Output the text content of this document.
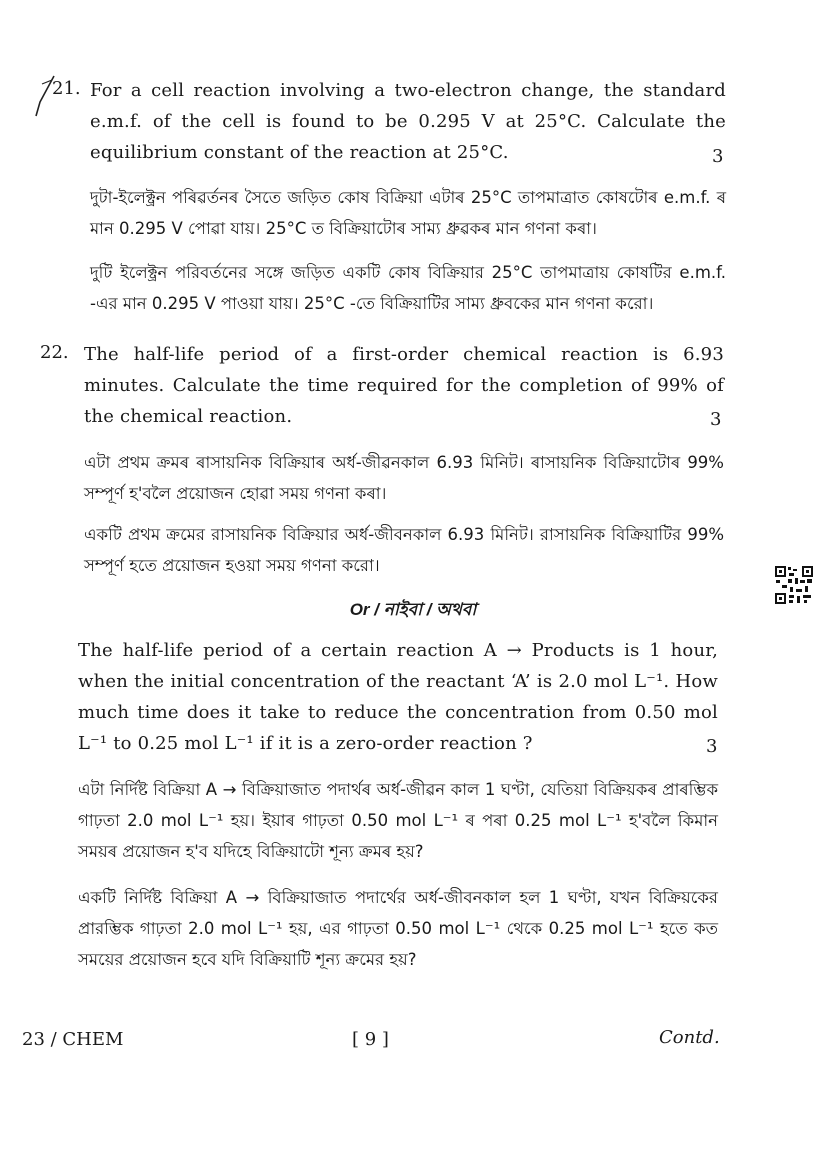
21. For a cell reaction involving a two-electron change, the standard e.m.f. of the cell is found to be 0.295 V at 25°C. Calculate the equilibrium constant of the reaction at 25°C.	3
দুটা-ইলেক্ট্ৰন পৰিৱৰ্তনৰ সৈতে জড়িত কোষ বিক্ৰিয়া এটাৰ 25°C তাপমাত্ৰাত কোষটোৰ e.m.f. ৰ মান 0.295 V পোৱা যায়। 25°C ত বিক্ৰিয়াটোৰ সাম্য ধ্ৰুৱকৰ মান গণনা কৰা।
দুটি ইলেক্ট্রন পরিবর্তনের সঙ্গে জড়িত একটি কোষ বিক্রিয়ার 25°C তাপমাত্রায় কোষটির e.m.f. -এর মান 0.295 V পাওয়া যায়। 25°C -তে বিক্রিয়াটির সাম্য ধ্রুবকের মান গণনা করো।
22. The half-life period of a first-order chemical reaction is 6.93 minutes. Calculate the time required for the completion of 99% of the chemical reaction.	3
এটা প্ৰথম ক্ৰমৰ ৰাসায়নিক বিক্ৰিয়াৰ অৰ্ধ-জীৱনকাল 6.93 মিনিট। ৰাসায়নিক বিক্ৰিয়াটোৰ 99% সম্পূৰ্ণ হ'বলৈ প্ৰয়োজন হোৱা সময় গণনা কৰা।
একটি প্রথম ক্রমের রাসায়নিক বিক্রিয়ার অর্ধ-জীবনকাল 6.93 মিনিট। রাসায়নিক বিক্রিয়াটির 99% সম্পূর্ণ হতে প্রয়োজন হওয়া সময় গণনা করো।
Or / নাইবা / অথবা
The half-life period of a certain reaction A → Products is 1 hour, when the initial concentration of the reactant ‘A’ is 2.0 mol L⁻¹. How much time does it take to reduce the concentration from 0.50 mol L⁻¹ to 0.25 mol L⁻¹ if it is a zero-order reaction ?	3
এটা নিৰ্দিষ্ট বিক্ৰিয়া A → বিক্ৰিয়াজাত পদাৰ্থৰ অৰ্ধ-জীৱন কাল 1 ঘণ্টা, যেতিয়া বিক্ৰিয়কৰ প্ৰাৰম্ভিক গাঢ়তা 2.0 mol L⁻¹ হয়। ইয়াৰ গাঢ়তা 0.50 mol L⁻¹ ৰ পৰা 0.25 mol L⁻¹ হ'বলৈ কিমান সময়ৰ প্ৰয়োজন হ'ব যদিহে বিক্ৰিয়াটো শূন্য ক্ৰমৰ হয়?
একটি নির্দিষ্ট বিক্রিয়া A → বিক্রিয়াজাত পদার্থের অর্ধ-জীবনকাল হল 1 ঘণ্টা, যখন বিক্রিয়কের প্রারম্ভিক গাঢ়তা 2.0 mol L⁻¹ হয়, এর গাঢ়তা 0.50 mol L⁻¹ থেকে 0.25 mol L⁻¹ হতে কত সময়ের প্রয়োজন হবে যদি বিক্রিয়াটি শূন্য ক্রমের হয়?
23 / CHEM	[ 9 ]	Contd.
